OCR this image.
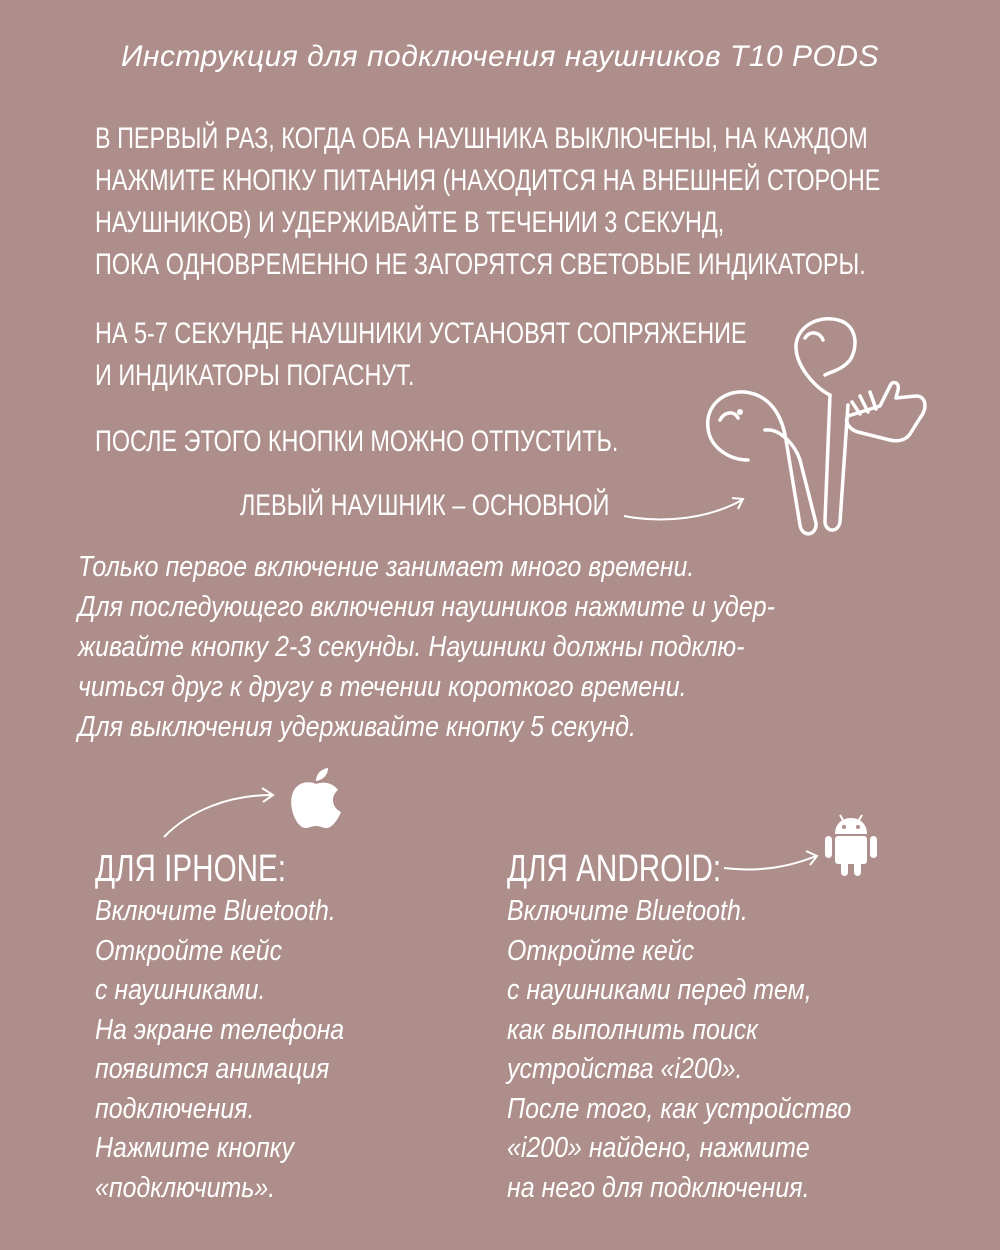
Инструкция для подключения наушников T10 PODS
В ПЕРВЫЙ РАЗ, КОГДА ОБА НАУШНИКА ВЫКЛЮЧЕНЫ, НА КАЖДОМ
НАЖМИТЕ КНОПКУ ПИТАНИЯ (НАХОДИТСЯ НА ВНЕШНЕЙ СТОРОНЕ
НАУШНИКОВ) И УДЕРЖИВАЙТЕ В ТЕЧЕНИИ 3 СЕКУНД,
ПОКА ОДНОВРЕМЕННО НЕ ЗАГОРЯТСЯ СВЕТОВЫЕ ИНДИКАТОРЫ.
НА 5-7 СЕКУНДЕ НАУШНИКИ УСТАНОВЯТ СОПРЯЖЕНИЕ
И ИНДИКАТОРЫ ПОГАСНУТ.
ПОСЛЕ ЭТОГО КНОПКИ МОЖНО ОТПУСТИТЬ.
ЛЕВЫЙ НАУШНИК – ОСНОВНОЙ
Только первое включение занимает много времени.
Для последующего включения наушников нажмите и удер-
живайте кнопку 2-3 секунды. Наушники должны подклю-
читься друг к другу в течении короткого времени.
Для выключения удерживайте кнопку 5 секунд.
ДЛЯ IPHONE:
Включите Bluetooth.
Откройте кейс
с наушниками.
На экране телефона
появится анимация
подключения.
Нажмите кнопку
«подключить».
ДЛЯ ANDROID:
Включите Bluetooth.
Откройте кейс
с наушниками перед тем,
как выполнить поиск
устройства «i200».
После того, как устройство
«i200» найдено, нажмите
на него для подключения.
